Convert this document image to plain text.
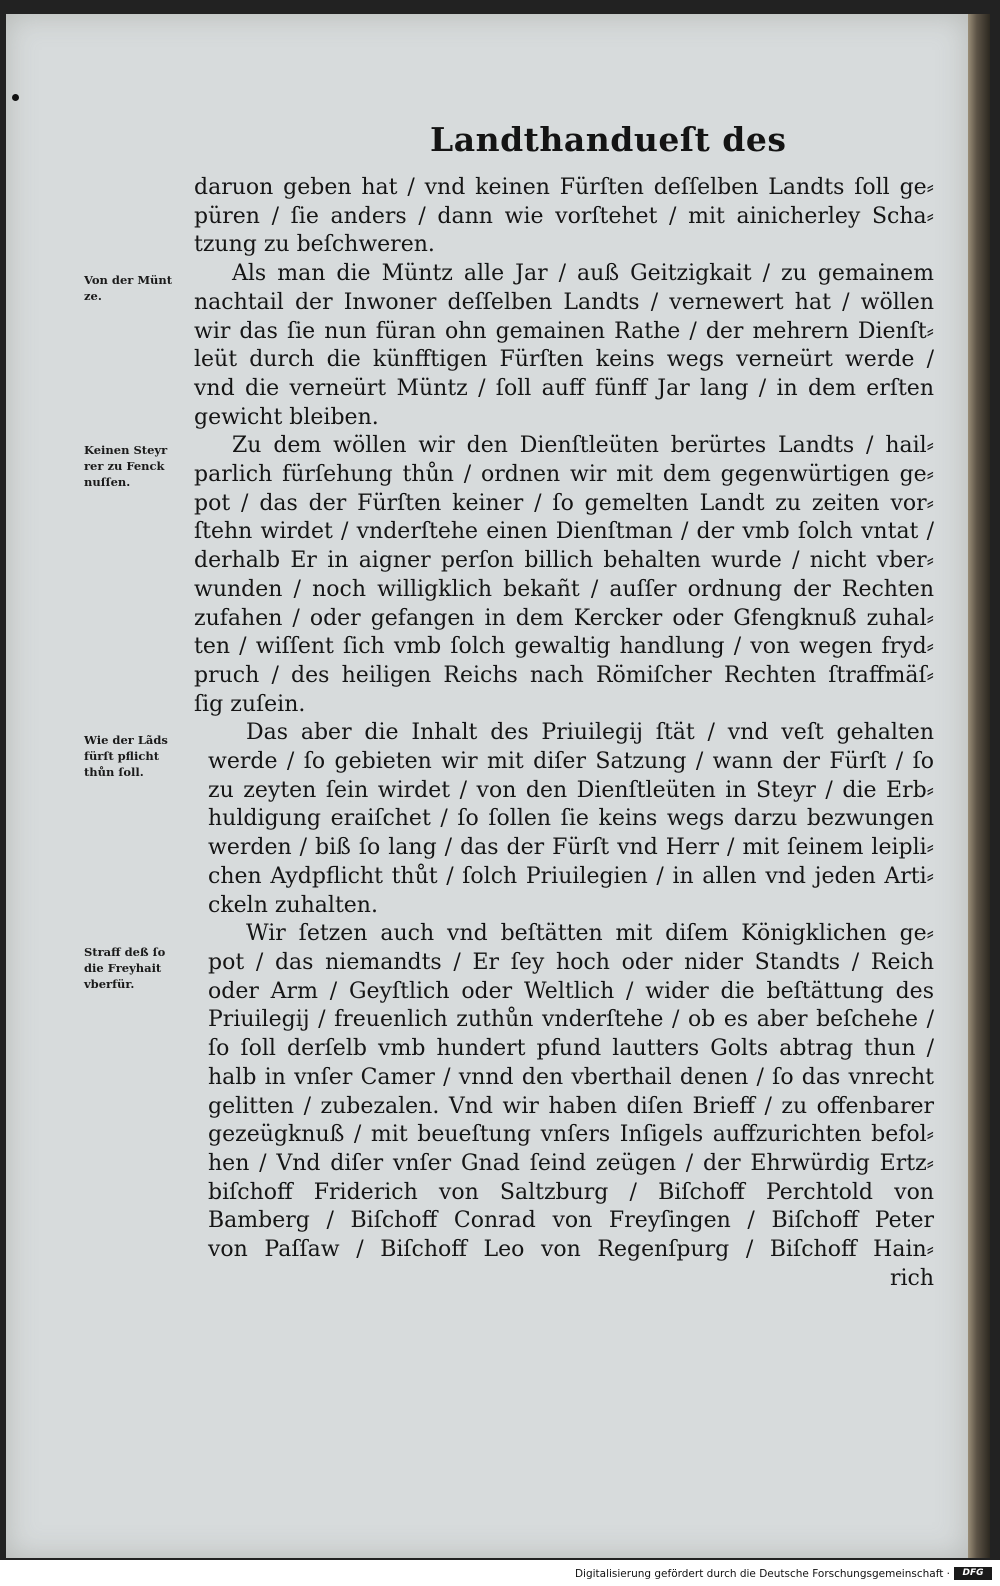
Landthandueſt des
daruon geben hat / vnd keinen Fürſten deſſelben Landts ſoll ge⸗
püren / ſie anders / dann wie vorſtehet / mit ainicherley Scha⸗
tzung zu beſchweren.
Als man die Müntz alle Jar / auß Geitzigkait / zu gemainem
nachtail der Inwoner deſſelben Landts / vernewert hat / wöllen
wir das ſie nun füran ohn gemainen Rathe / der mehrern Dienſt⸗
leüt durch die künfftigen Fürſten keins wegs verneürt werde /
vnd die verneürt Müntz / ſoll auff fünff Jar lang / in dem erſten
gewicht bleiben.
Zu dem wöllen wir den Dienſtleüten berürtes Landts / hail⸗
parlich fürſehung thůn / ordnen wir mit dem gegenwürtigen ge⸗
pot / das der Fürſten keiner / ſo gemelten Landt zu zeiten vor⸗
ſtehn wirdet / vnderſtehe einen Dienſtman / der vmb ſolch vntat /
derhalb Er in aigner perſon billich behalten wurde / nicht vber⸗
wunden / noch willigklich bekañt / auſſer ordnung der Rechten
zufahen / oder gefangen in dem Kercker oder Gfengknuß zuhal⸗
ten / wiſſent ſich vmb ſolch gewaltig handlung / von wegen fryd⸗
pruch / des heiligen Reichs nach Römiſcher Rechten ſtraffmäſ⸗
ſig zuſein.
Das aber die Inhalt des Priuilegij ſtät / vnd veſt gehalten
werde / ſo gebieten wir mit diſer Satzung / wann der Fürſt / ſo
zu zeyten ſein wirdet / von den Dienſtleüten in Steyr / die Erb⸗
huldigung eraiſchet / ſo ſollen ſie keins wegs darzu bezwungen
werden / biß ſo lang / das der Fürſt vnd Herr / mit ſeinem leipli⸗
chen Aydpflicht thůt / ſolch Priuilegien / in allen vnd jeden Arti⸗
ckeln zuhalten.
Wir ſetzen auch vnd beſtätten mit diſem Königklichen ge⸗
pot / das niemandts / Er ſey hoch oder nider Standts / Reich
oder Arm / Geyſtlich oder Weltlich / wider die beſtättung des
Priuilegij / freuenlich zuthůn vnderſtehe / ob es aber beſchehe /
ſo ſoll derſelb vmb hundert pfund lautters Golts abtrag thun /
halb in vnſer Camer / vnnd den vberthail denen / ſo das vnrecht
gelitten / zubezalen. Vnd wir haben diſen Brieff / zu offenbarer
gezeügknuß / mit beueſtung vnſers Inſigels auffzurichten befol⸗
hen / Vnd diſer vnſer Gnad ſeind zeügen / der Ehrwürdig Ertz⸗
biſchoff Friderich von Saltzburg / Biſchoff Perchtold von
Bamberg / Biſchoff Conrad von Freyſingen / Biſchoff Peter
von Paſſaw / Biſchoff Leo von Regenſpurg / Biſchoff Hain⸗
rich
Von der Münt
ze.
Keinen Steyr
rer zu Fenck
nuſſen.
Wie der Lãds
fürſt pflicht
thůn ſoll.
Straff deß ſo
die Freyhait
vberfür.
Digitalisierung gefördert durch die Deutsche Forschungsgemeinschaft ·	DFG
